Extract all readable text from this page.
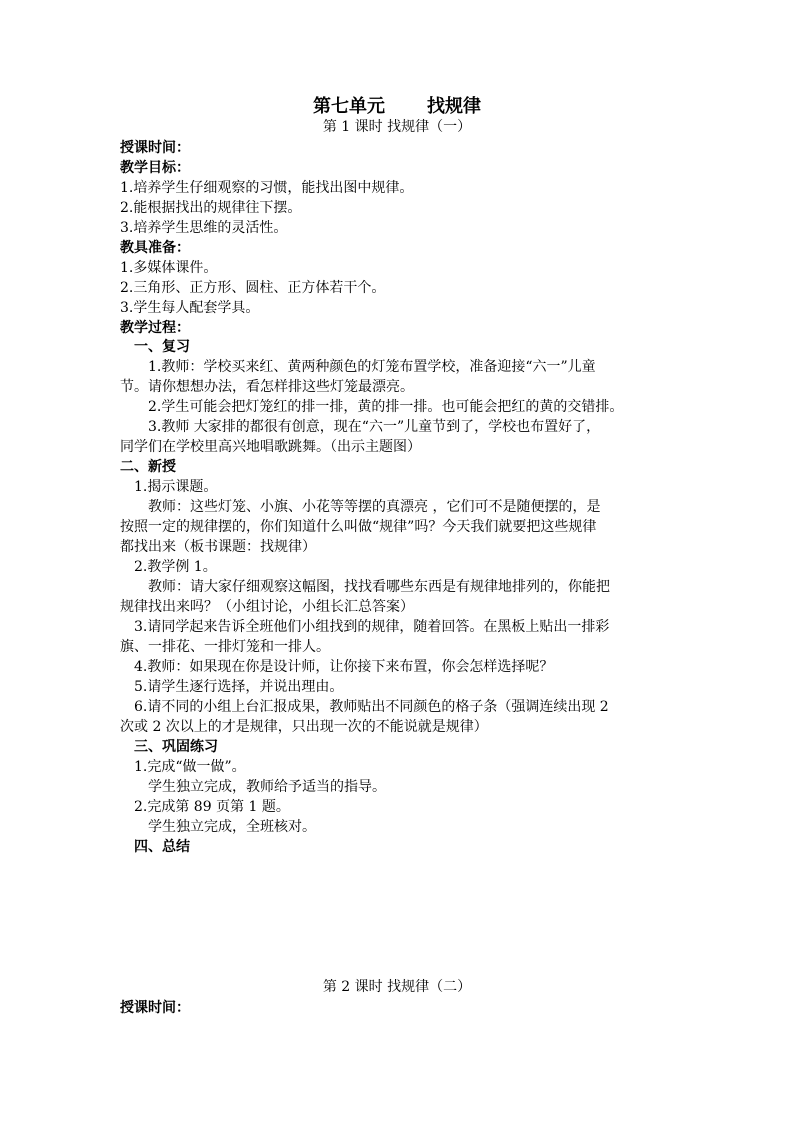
第七单元 找规律
第 1 课时 找规律（一）
授课时间：
教学目标：
1.培养学生仔细观察的习惯，能找出图中规律。
2.能根据找出的规律往下摆。
3.培养学生思维的灵活性。
教具准备：
1.多媒体课件。
2.三角形、正方形、圆柱、正方体若干个。
3.学生每人配套学具。
教学过程：
一、复习
1.教师：学校买来红、黄两种颜色的灯笼布置学校，准备迎接“六一”儿童
节。请你想想办法，看怎样排这些灯笼最漂亮。
2.学生可能会把灯笼红的排一排，黄的排一排。也可能会把红的黄的交错排。
3.教师 大家排的都很有创意，现在“六一”儿童节到了，学校也布置好了，
同学们在学校里高兴地唱歌跳舞。（出示主题图）
二、新授
1.揭示课题。
教师：这些灯笼、小旗、小花等等摆的真漂亮 ，它们可不是随便摆的，是
按照一定的规律摆的，你们知道什么叫做“规律”吗？今天我们就要把这些规律
都找出来（板书课题：找规律）
2.教学例 1。
教师：请大家仔细观察这幅图，找找看哪些东西是有规律地排列的，你能把
规律找出来吗？（小组讨论，小组长汇总答案）
3.请同学起来告诉全班他们小组找到的规律，随着回答。在黑板上贴出一排彩
旗、一排花、一排灯笼和一排人。
4.教师：如果现在你是设计师，让你接下来布置，你会怎样选择呢？
5.请学生逐行选择，并说出理由。
6.请不同的小组上台汇报成果，教师贴出不同颜色的格子条（强调连续出现 2
次或 2 次以上的才是规律，只出现一次的不能说就是规律）
三、巩固练习
1.完成“做一做”。
学生独立完成，教师给予适当的指导。
2.完成第 89 页第 1 题。
学生独立完成，全班核对。
四、总结
第 2 课时 找规律（二）
授课时间：
